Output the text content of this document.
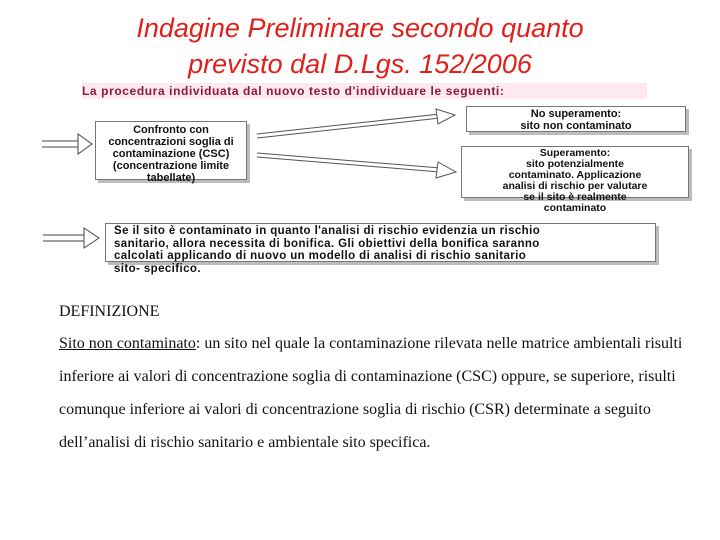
Indagine Preliminare secondo quanto
previsto dal D.Lgs. 152/2006
La procedura individuata dal nuovo testo d'individuare le seguenti:
Confronto con
concentrazioni soglia di
contaminazione (CSC)
(concentrazione limite
tabellate)
No superamento:
sito non contaminato
Superamento:
sito potenzialmente
contaminato. Applicazione
analisi di rischio per valutare
se il sito è realmente
contaminato
Se il sito è contaminato in quanto l'analisi di rischio evidenzia un rischio
sanitario, allora necessita di bonifica. Gli obiettivi della bonifica saranno
calcolati applicando di nuovo un modello di analisi di rischio sanitario
sito- specifico.
DEFINIZIONE
Sito non contaminato: un sito nel quale la contaminazione rilevata nelle matrice ambientali risulti inferiore ai valori di concentrazione soglia di contaminazione (CSC) oppure, se superiore, risulti comunque inferiore ai valori di concentrazione soglia di rischio (CSR) determinate a seguito dell’analisi di rischio sanitario e ambientale sito specifica.
